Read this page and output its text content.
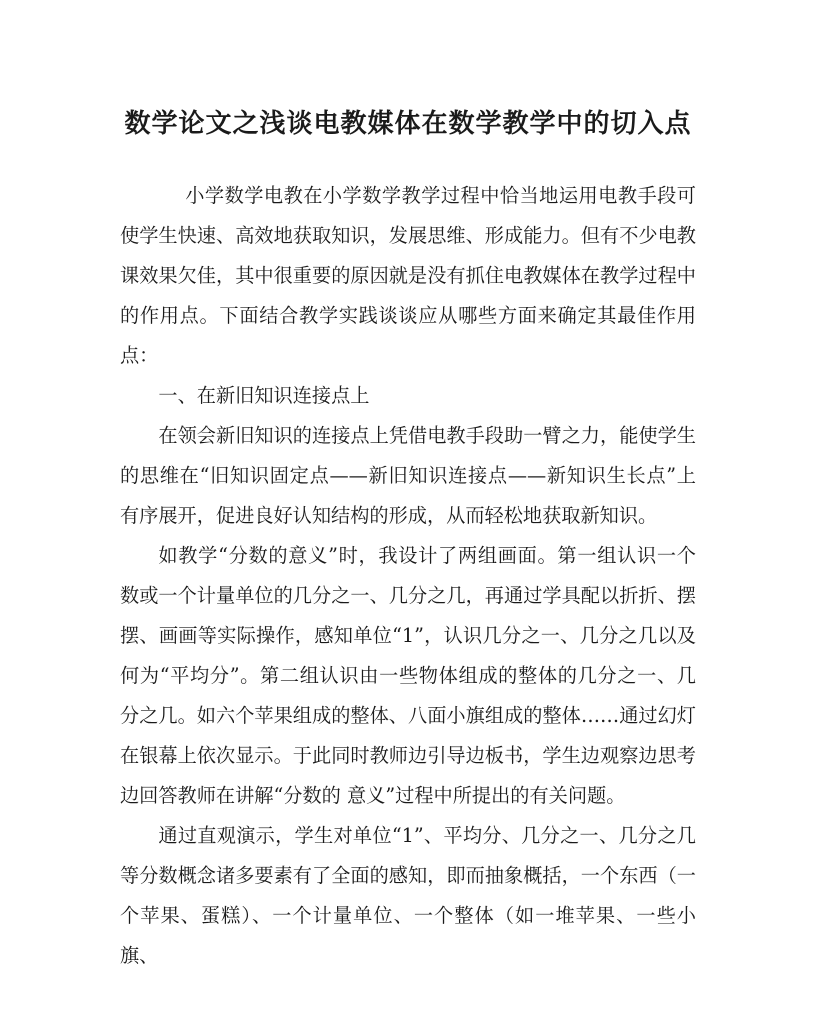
数学论文之浅谈电教媒体在数学教学中的切入点

小学数学电教在小学数学教学过程中恰当地运用电教手段可使学生快速、高效地获取知识，发展思维、形成能力。但有不少电教课效果欠佳，其中很重要的原因就是没有抓住电教媒体在教学过程中的作用点。下面结合教学实践谈谈应从哪些方面来确定其最佳作用点：

一、在新旧知识连接点上

在领会新旧知识的连接点上凭借电教手段助一臂之力，能使学生的思维在“旧知识固定点——新旧知识连接点——新知识生长点”上有序展开，促进良好认知结构的形成，从而轻松地获取新知识。

如教学“分数的意义”时，我设计了两组画面。第一组认识一个数或一个计量单位的几分之一、几分之几，再通过学具配以折折、摆摆、画画等实际操作，感知单位“1”，认识几分之一、几分之几以及何为“平均分”。第二组认识由一些物体组成的整体的几分之一、几分之几。如六个苹果组成的整体、八面小旗组成的整体……通过幻灯在银幕上依次显示。于此同时教师边引导边板书，学生边观察边思考边回答教师在讲解“分数的 意义”过程中所提出的有关问题。

通过直观演示，学生对单位“1”、平均分、几分之一、几分之几等分数概念诸多要素有了全面的感知，即而抽象概括，一个东西（一个苹果、蛋糕）、一个计量单位、一个整体（如一堆苹果、一些小旗、
